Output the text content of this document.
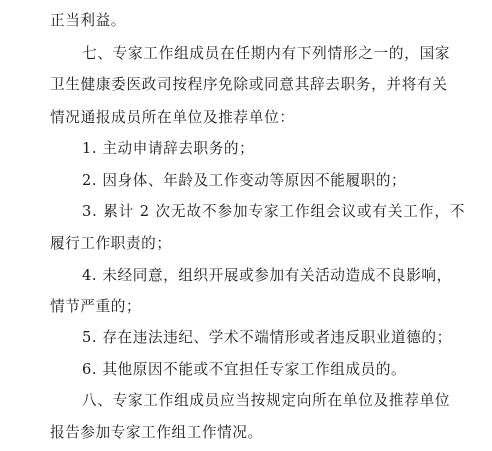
正当利益。
七、专家工作组成员在任期内有下列情形之一的，国家
卫生健康委医政司按程序免除或同意其辞去职务，并将有关
情况通报成员所在单位及推荐单位：
1. 主动申请辞去职务的；
2. 因身体、年龄及工作变动等原因不能履职的；
3. 累计 2 次无故不参加专家工作组会议或有关工作，不
履行工作职责的；
4. 未经同意，组织开展或参加有关活动造成不良影响，
情节严重的；
5. 存在违法违纪、学术不端情形或者违反职业道德的；
6. 其他原因不能或不宜担任专家工作组成员的。
八、专家工作组成员应当按规定向所在单位及推荐单位
报告参加专家工作组工作情况。
